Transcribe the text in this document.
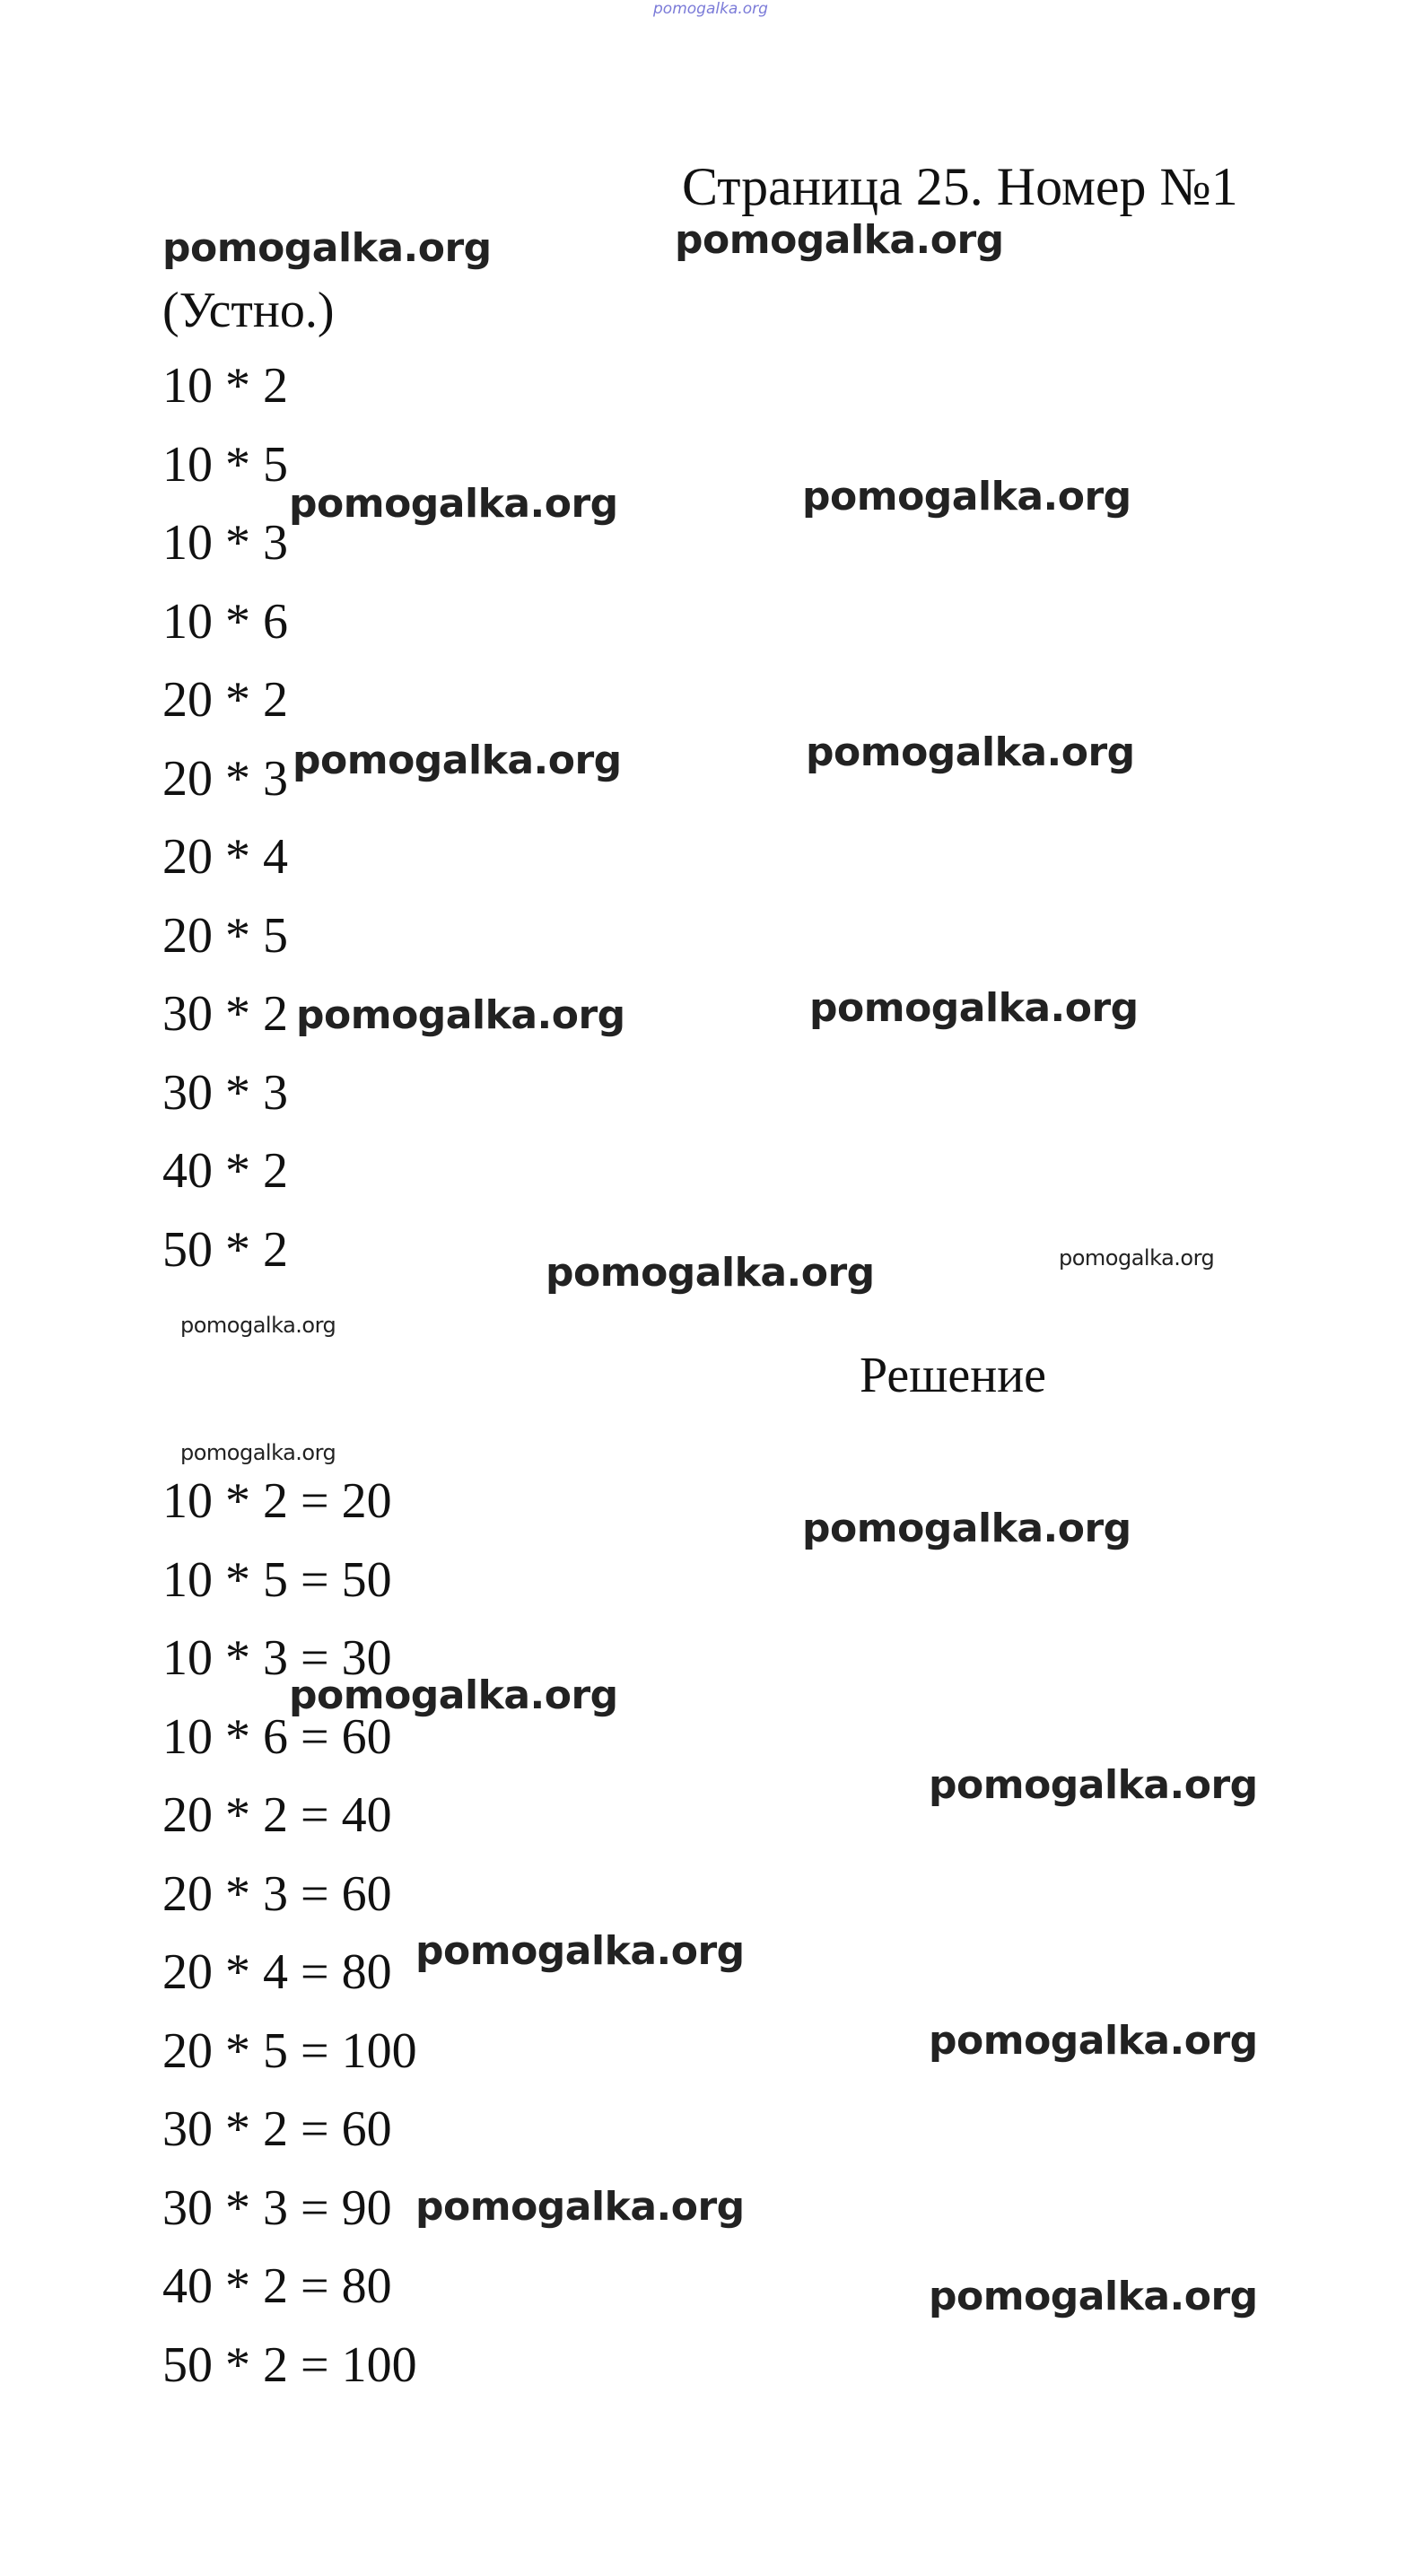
pomogalka.org
Страница 25. Номер №1
(Устно.)
10 * 2
10 * 5
10 * 3
10 * 6
20 * 2
20 * 3
20 * 4
20 * 5
30 * 2
30 * 3
40 * 2
50 * 2
Решение
10 * 2 = 20
10 * 5 = 50
10 * 3 = 30
10 * 6 = 60
20 * 2 = 40
20 * 3 = 60
20 * 4 = 80
20 * 5 = 100
30 * 2 = 60
30 * 3 = 90
40 * 2 = 80
50 * 2 = 100
pomogalka.org	pomogalka.org
pomogalka.org	pomogalka.org
pomogalka.org	pomogalka.org
pomogalka.org	pomogalka.org
pomogalka.org	pomogalka.org
pomogalka.org
pomogalka.org
pomogalka.org
pomogalka.org
pomogalka.org
pomogalka.org
pomogalka.org
pomogalka.org
pomogalka.org
